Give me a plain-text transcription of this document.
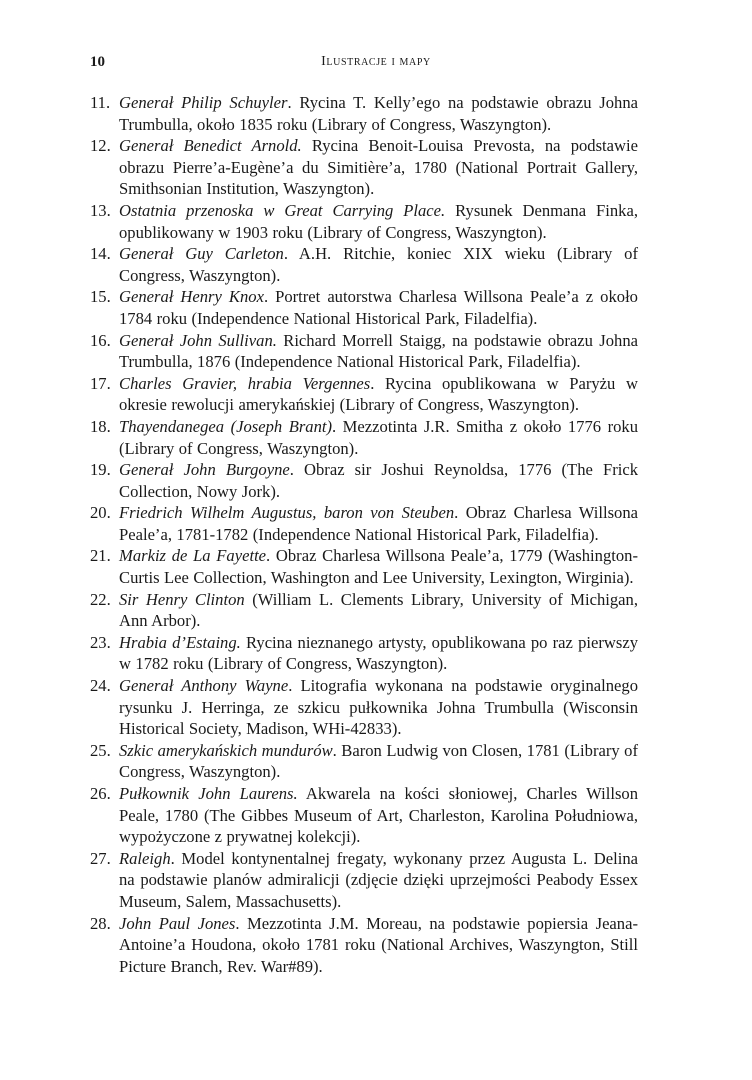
10	Ilustracje i mapy
11. Generał Philip Schuyler. Rycina T. Kelly’ego na podstawie obrazu Johna Trumbulla, około 1835 roku (Library of Congress, Waszyngton).
12. Generał Benedict Arnold. Rycina Benoit-Louisa Prevosta, na podstawie obrazu Pierre’a-Eugène’a du Simitière’a, 1780 (National Portrait Gallery, Smithsonian Institution, Waszyngton).
13. Ostatnia przenoska w Great Carrying Place. Rysunek Denmana Finka, opublikowany w 1903 roku (Library of Congress, Waszyngton).
14. Generał Guy Carleton. A.H. Ritchie, koniec XIX wieku (Library of Congress, Waszyngton).
15. Generał Henry Knox. Portret autorstwa Charlesa Willsona Peale’a z około 1784 roku (Independence National Historical Park, Filadelfia).
16. Generał John Sullivan. Richard Morrell Staigg, na podstawie obrazu Johna Trumbulla, 1876 (Independence National Historical Park, Filadelfia).
17. Charles Gravier, hrabia Vergennes. Rycina opublikowana w Paryżu w okresie rewolucji amerykańskiej (Library of Congress, Waszyngton).
18. Thayendanegea (Joseph Brant). Mezzotinta J.R. Smitha z około 1776 roku (Library of Congress, Waszyngton).
19. Generał John Burgoyne. Obraz sir Joshui Reynoldsa, 1776 (The Frick Collection, Nowy Jork).
20. Friedrich Wilhelm Augustus, baron von Steuben. Obraz Charlesa Willsona Peale’a, 1781-1782 (Independence National Historical Park, Filadelfia).
21. Markiz de La Fayette. Obraz Charlesa Willsona Peale’a, 1779 (Washington-Curtis Lee Collection, Washington and Lee University, Lexington, Wirginia).
22. Sir Henry Clinton (William L. Clements Library, University of Michigan, Ann Arbor).
23. Hrabia d’Estaing. Rycina nieznanego artysty, opublikowana po raz pierwszy w 1782 roku (Library of Congress, Waszyngton).
24. Generał Anthony Wayne. Litografia wykonana na podstawie oryginalnego rysunku J. Herringa, ze szkicu pułkownika Johna Trumbulla (Wisconsin Historical Society, Madison, WHi-42833).
25. Szkic amerykańskich mundurów. Baron Ludwig von Closen, 1781 (Library of Congress, Waszyngton).
26. Pułkownik John Laurens. Akwarela na kości słoniowej, Charles Willson Peale, 1780 (The Gibbes Museum of Art, Charleston, Karolina Południowa, wypożyczone z prywatnej kolekcji).
27. Raleigh. Model kontynentalnej fregaty, wykonany przez Augusta L. Delina na podstawie planów admiralicji (zdjęcie dzięki uprzejmości Peabody Essex Museum, Salem, Massachusetts).
28. John Paul Jones. Mezzotinta J.M. Moreau, na podstawie popiersia Jeana-Antoine’a Houdona, około 1781 roku (National Archives, Waszyngton, Still Picture Branch, Rev. War#89).
